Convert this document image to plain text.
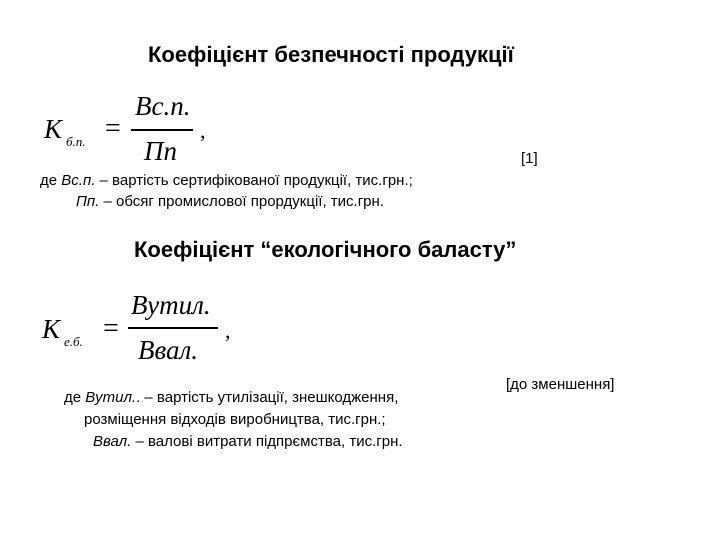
Коефіцієнт безпечності продукції
К б.п. =
Вс.п.
Пп
,
[1]
де Вс.п. – вартість сертифікованої продукції, тис.грн.;
Пп. – обсяг промислової прордукції, тис.грн.
Коефіцієнт “екологічного баласту”
К е.б. =
Вутил.
Ввал.
,
[до зменшення]
де Вутил.. – вартість утилізації, знешкодження,
розміщення відходів виробництва, тис.грн.;
Ввал. – валові витрати підпрємства, тис.грн.
